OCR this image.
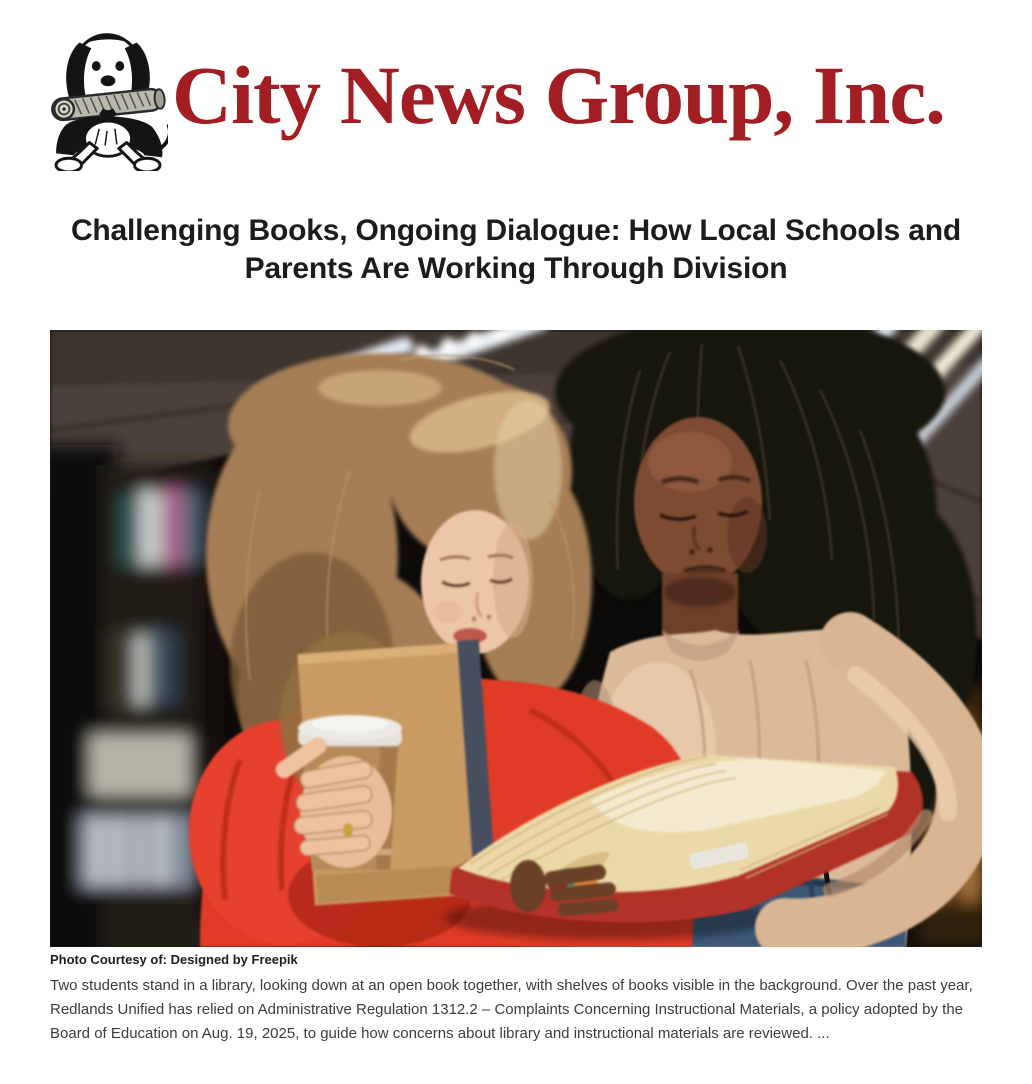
City News Group, Inc.
Challenging Books, Ongoing Dialogue: How Local Schools and Parents Are Working Through Division
Photo Courtesy of: Designed by Freepik

Two students stand in a library, looking down at an open book together, with shelves of books visible in the background. Over the past year, Redlands Unified has relied on Administrative Regulation 1312.2 – Complaints Concerning Instructional Materials, a policy adopted by the Board of Education on Aug. 19, 2025, to guide how concerns about library and instructional materials are reviewed. ...
